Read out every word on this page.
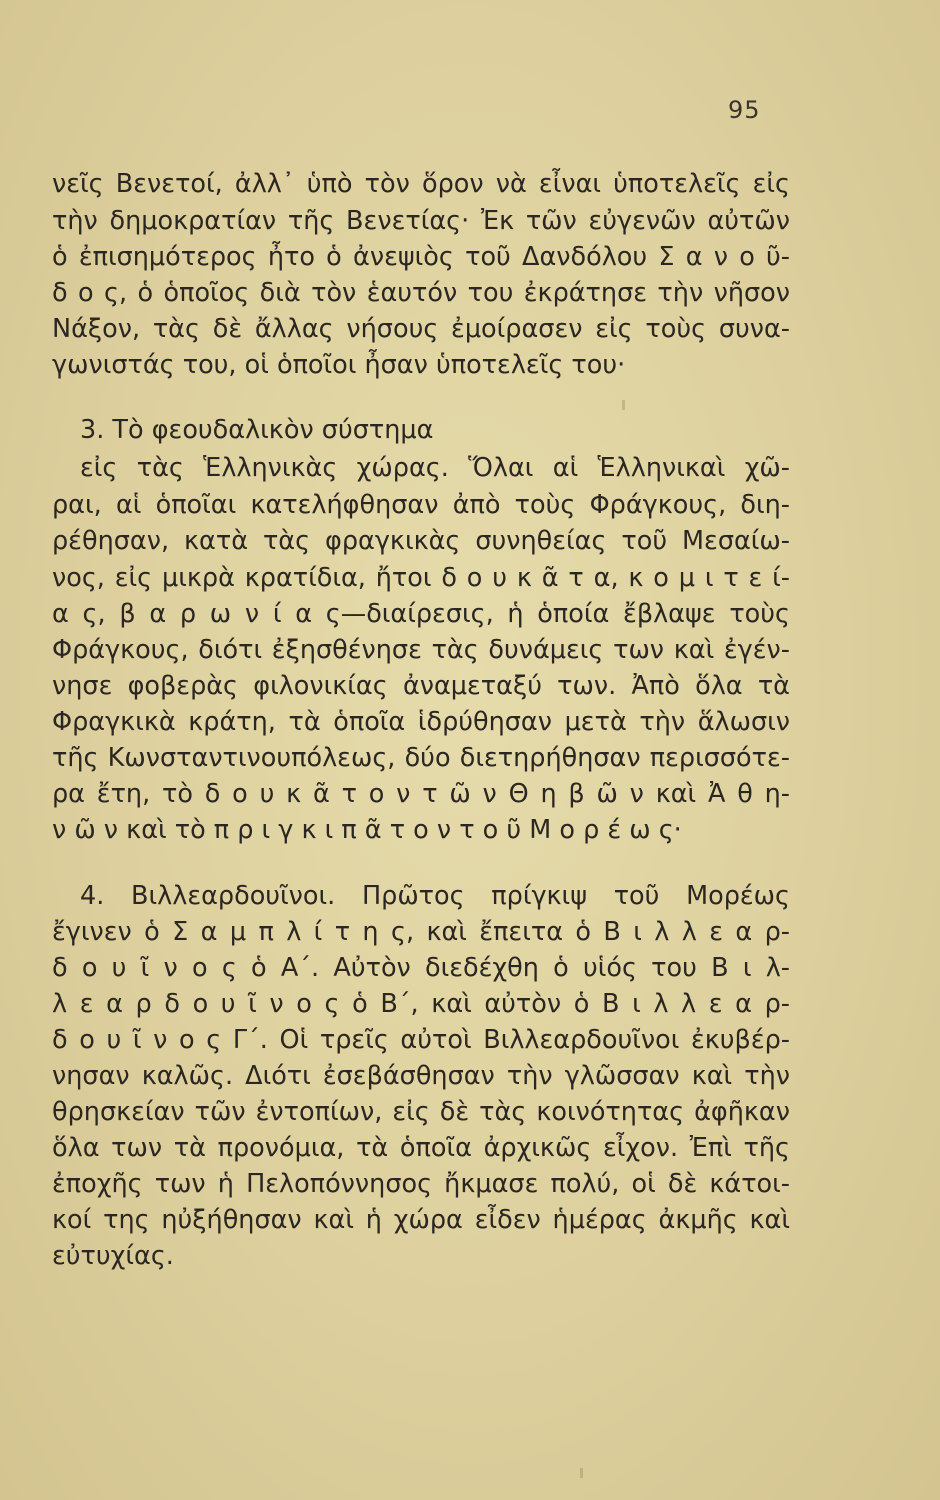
95
νεῖς Βενετοί, ἀλλ᾽ ὑπὸ τὸν ὅρον νὰ εἶναι ὑποτελεῖς εἰς
τὴν δημοκρατίαν τῆς Βενετίας· Ἐκ τῶν εὐγενῶν αὐτῶν
ὁ ἐπισημότερος ἦτο ὁ ἀνεψιὸς τοῦ Δανδόλου Σ α ν ο ῦ-
δ ο ς, ὁ ὁποῖος διὰ τὸν ἑαυτόν του ἐκράτησε τὴν νῆσον
Νάξον, τὰς δὲ ἄλλας νήσους ἐμοίρασεν εἰς τοὺς συνα-
γωνιστάς του, οἱ ὁποῖοι ἦσαν ὑποτελεῖς του·
3. Τὸ φεουδαλικὸν σύστημα
εἰς τὰς Ἑλληνικὰς χώρας. Ὅλαι αἱ Ἑλληνικαὶ χῶ-
ραι, αἱ ὁποῖαι κατελήφθησαν ἀπὸ τοὺς Φράγκους, διη-
ρέθησαν, κατὰ τὰς φραγκικὰς συνηθείας τοῦ Μεσαίω-
νος, εἰς μικρὰ κρατίδια, ἤτοι δ ο υ κ ᾶ τ α, κ ο μ ι τ ε ί-
α ς, β α ρ ω ν ί α ς—διαίρεσις, ἡ ὁποία ἔβλαψε τοὺς
Φράγκους, διότι ἐξησθένησε τὰς δυνάμεις των καὶ ἐγέν-
νησε φοβερὰς φιλονικίας ἀναμεταξύ των. Ἀπὸ ὅλα τὰ
Φραγκικὰ κράτη, τὰ ὁποῖα ἱδρύθησαν μετὰ τὴν ἅλωσιν
τῆς Κωνσταντινουπόλεως, δύο διετηρήθησαν περισσότε-
ρα ἔτη, τὸ δ ο υ κ ᾶ τ ο ν τ ῶ ν Θ η β ῶ ν καὶ Ἀ θ η-
ν ῶ ν καὶ τὸ π ρ ι γ κ ι π ᾶ τ ο ν τ ο ῦ Μ ο ρ έ ω ς·
4. Βιλλεαρδουῖνοι. Πρῶτος πρίγκιψ τοῦ Μορέως
ἔγινεν ὁ Σ α μ π λ ί τ η ς, καὶ ἔπειτα ὁ Β ι λ λ ε α ρ-
δ ο υ ῖ ν ο ς ὁ Α΄. Αὐτὸν διεδέχθη ὁ υἱός του Β ι λ-
λ ε α ρ δ ο υ ῖ ν ο ς ὁ Β΄, καὶ αὐτὸν ὁ Β ι λ λ ε α ρ-
δ ο υ ῖ ν ο ς Γ΄. Οἱ τρεῖς αὐτοὶ Βιλλεαρδουῖνοι ἐκυβέρ-
νησαν καλῶς. Διότι ἐσεβάσθησαν τὴν γλῶσσαν καὶ τὴν
θρησκείαν τῶν ἐντοπίων, εἰς δὲ τὰς κοινότητας ἀφῆκαν
ὅλα των τὰ προνόμια, τὰ ὁποῖα ἀρχικῶς εἶχον. Ἐπὶ τῆς
ἐποχῆς των ἡ Πελοπόννησος ἤκμασε πολύ, οἱ δὲ κάτοι-
κοί της ηὐξήθησαν καὶ ἡ χώρα εἶδεν ἡμέρας ἀκμῆς καὶ
εὐτυχίας.
